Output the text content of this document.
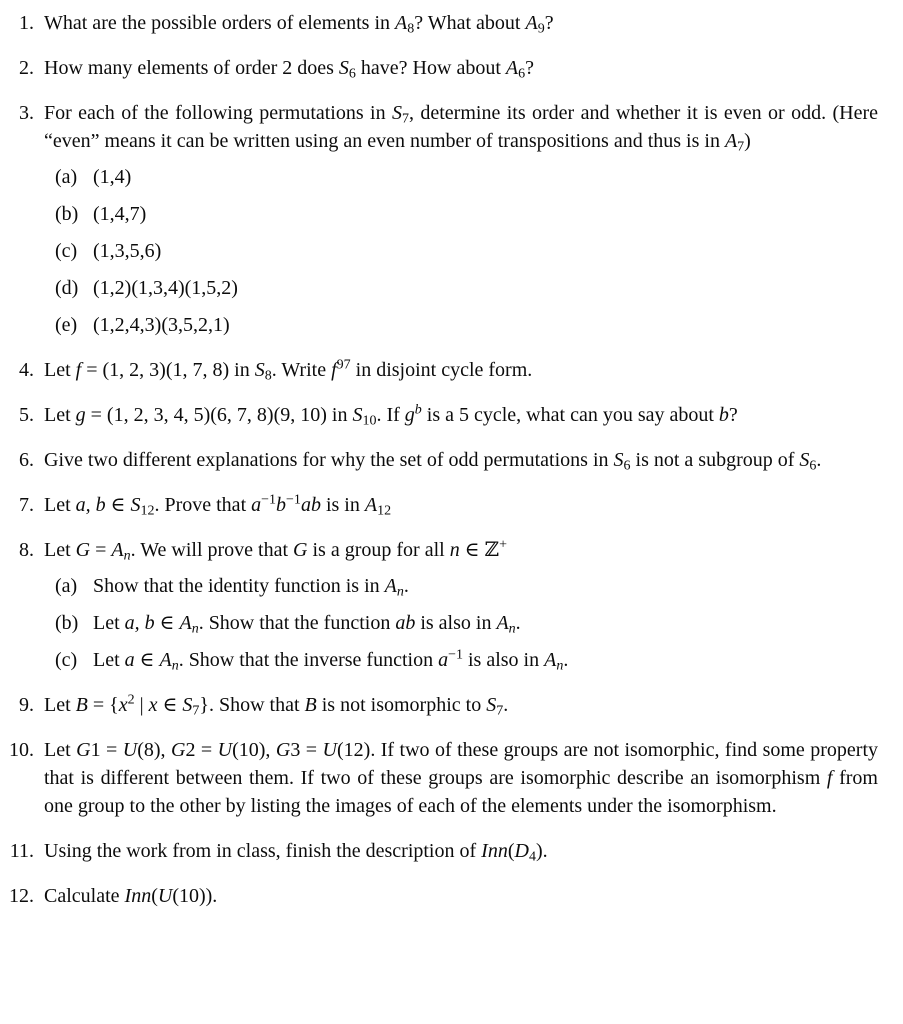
1. What are the possible orders of elements in $A_8$? What about $A_9$?
2. How many elements of order 2 does $S_6$ have? How about $A_6$?
3. For each of the following permutations in $S_7$, determine its order and whether it is even or odd. (Here “even” means it can be written using an even number of transpositions and thus is in $A_7$)
(a) (1,4)
(b) (1,4,7)
(c) (1,3,5,6)
(d) (1,2)(1,3,4)(1,5,2)
(e) (1,2,4,3)(3,5,2,1)
4. Let f = (1, 2, 3)(1, 7, 8) in $S_8$. Write $f^{97}$ in disjoint cycle form.
5. Let g = (1, 2, 3, 4, 5)(6, 7, 8)(9, 10) in $S_{10}$. If $g^b$ is a 5 cycle, what can you say about b?
6. Give two different explanations for why the set of odd permutations in $S_6$ is not a subgroup of $S_6$.
7. Let a, b ∈ $S_{12}$. Prove that $a^{-1}b^{-1}ab$ is in $A_{12}$
8. Let $G = A_n$. We will prove that G is a group for all n ∈ ℤ+
(a) Show that the identity function is in $A_n$.
(b) Let a, b ∈ $A_n$. Show that the function ab is also in $A_n$.
(c) Let a ∈ $A_n$. Show that the inverse function $a^{-1}$ is also in $A_n$.
9. Let $B = \{x^2$ | x ∈ $S_7$}. Show that B is not isomorphic to $S_7$.
10. Let G1 = U(8), G2 = U(10), G3 = U(12). If two of these groups are not isomorphic, find some property that is different between them. If two of these groups are isomorphic describe an isomorphism f from one group to the other by listing the images of each of the elements under the isomorphism.
11. Using the work from in class, finish the description of $Inn(D_4)$.
12. Calculate Inn(U(10)).
